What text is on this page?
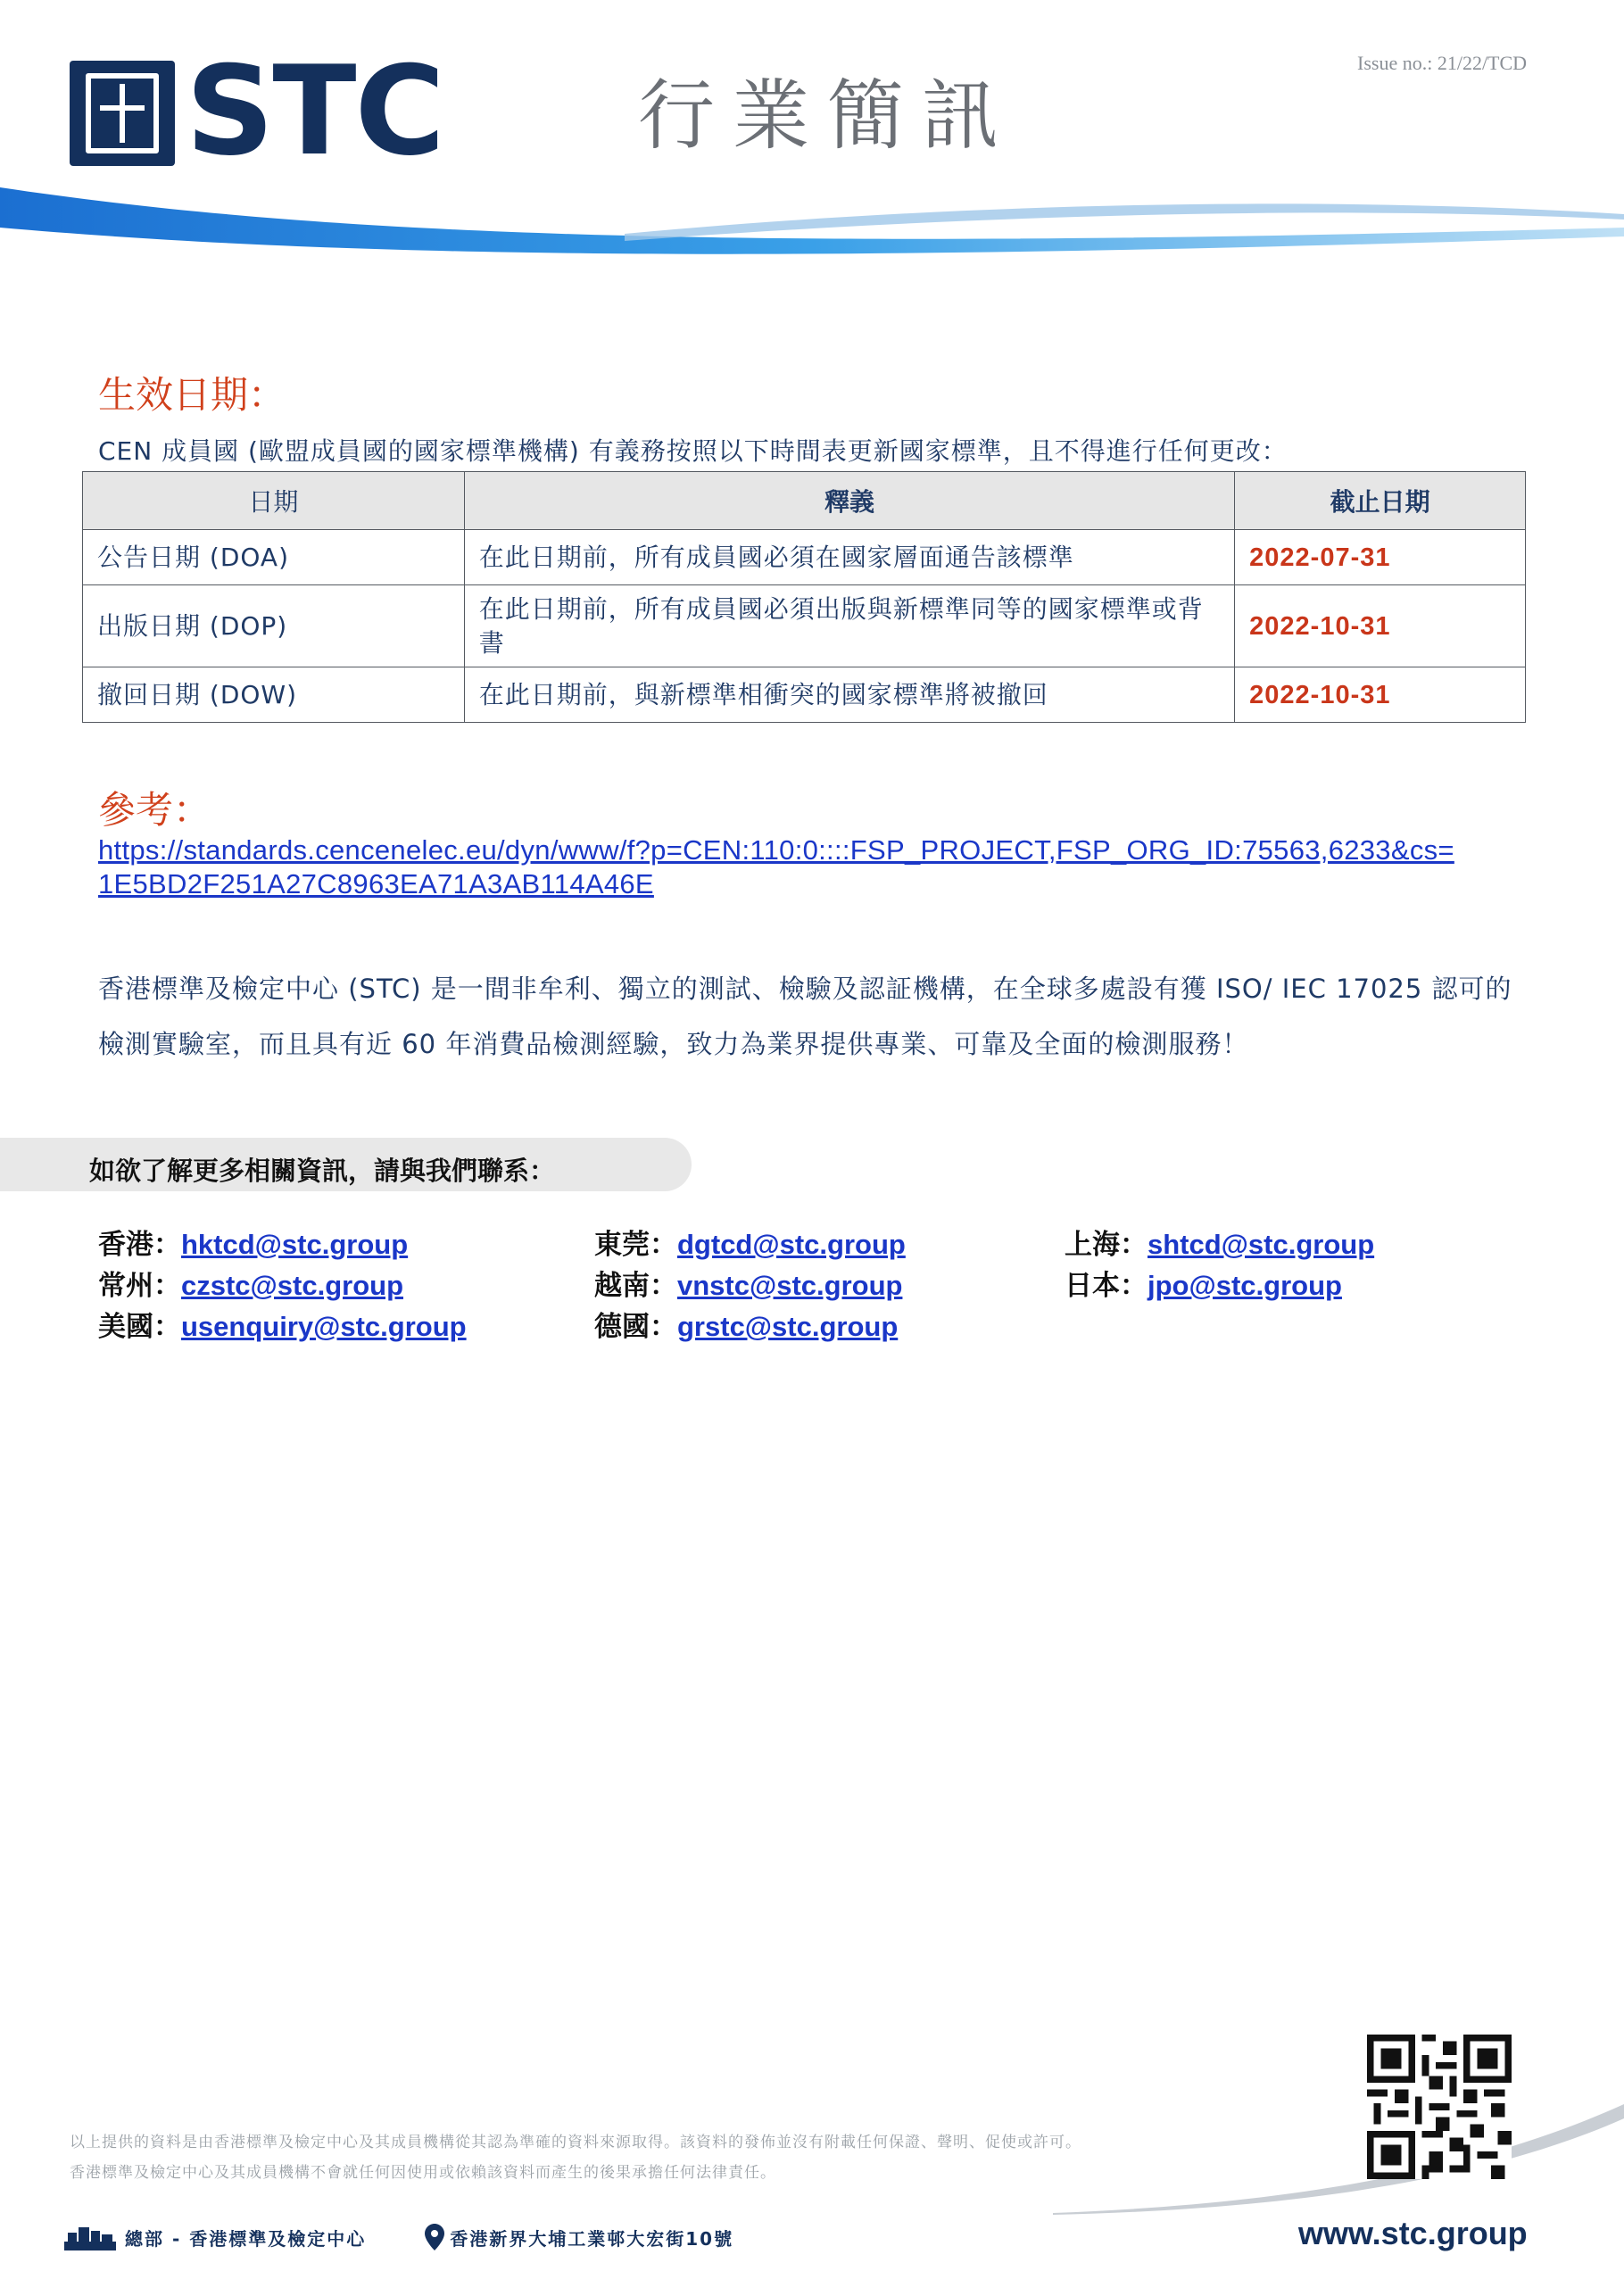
STC	行業簡訊
Issue no.: 21/22/TCD
生效日期：
CEN 成員國 (歐盟成員國的國家標準機構) 有義務按照以下時間表更新國家標準，且不得進行任何更改：
日期	釋義	截止日期
公告日期 (DOA)	在此日期前，所有成員國必須在國家層面通告該標準	2022-07-31
出版日期 (DOP)	在此日期前，所有成員國必須出版與新標準同等的國家標準或背書	2022-10-31
撤回日期 (DOW)	在此日期前，與新標準相衝突的國家標準將被撤回	2022-10-31
參考：
https://standards.cencenelec.eu/dyn/www/f?p=CEN:110:0::::FSP_PROJECT,FSP_ORG_ID:75563,6233&cs=
1E5BD2F251A27C8963EA71A3AB114A46E
香港標準及檢定中心 (STC) 是一間非牟利、獨立的測試、檢驗及認証機構，在全球多處設有獲 ISO/ IEC 17025 認可的
檢測實驗室，而且具有近 60 年消費品檢測經驗，致力為業界提供專業、可靠及全面的檢測服務！
如欲了解更多相關資訊，請與我們聯系：
香港：hktcd@stc.group	東莞：dgtcd@stc.group	上海：shtcd@stc.group
常州：czstc@stc.group	越南：vnstc@stc.group	日本：jpo@stc.group
美國：usenquiry@stc.group	德國：grstc@stc.group
以上提供的資料是由香港標準及檢定中心及其成員機構從其認為準確的資料來源取得。該資料的發佈並沒有附載任何保證、聲明、促使或許可。
香港標準及檢定中心及其成員機構不會就任何因使用或依賴該資料而產生的後果承擔任何法律責任。
總部 - 香港標準及檢定中心	香港新界大埔工業邨大宏街10號	www.stc.group
